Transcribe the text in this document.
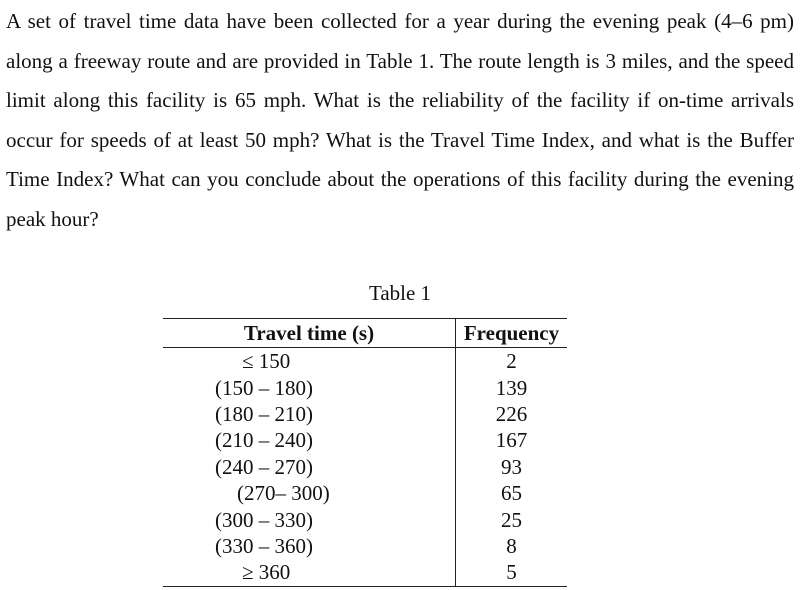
A set of travel time data have been collected for a year during the evening peak (4–6 pm) along a freeway route and are provided in Table 1. The route length is 3 miles, and the speed limit along this facility is 65 mph. What is the reliability of the facility if on-time arrivals occur for speeds of at least 50 mph? What is the Travel Time Index, and what is the Buffer Time Index? What can you conclude about the operations of this facility during the evening peak hour?

Table 1
Travel time (s)	Frequency
≤ 150	2
(150 – 180)	139
(180 – 210)	226
(210 – 240)	167
(240 – 270)	93
(270– 300)	65
(300 – 330)	25
(330 – 360)	8
≥ 360	5
